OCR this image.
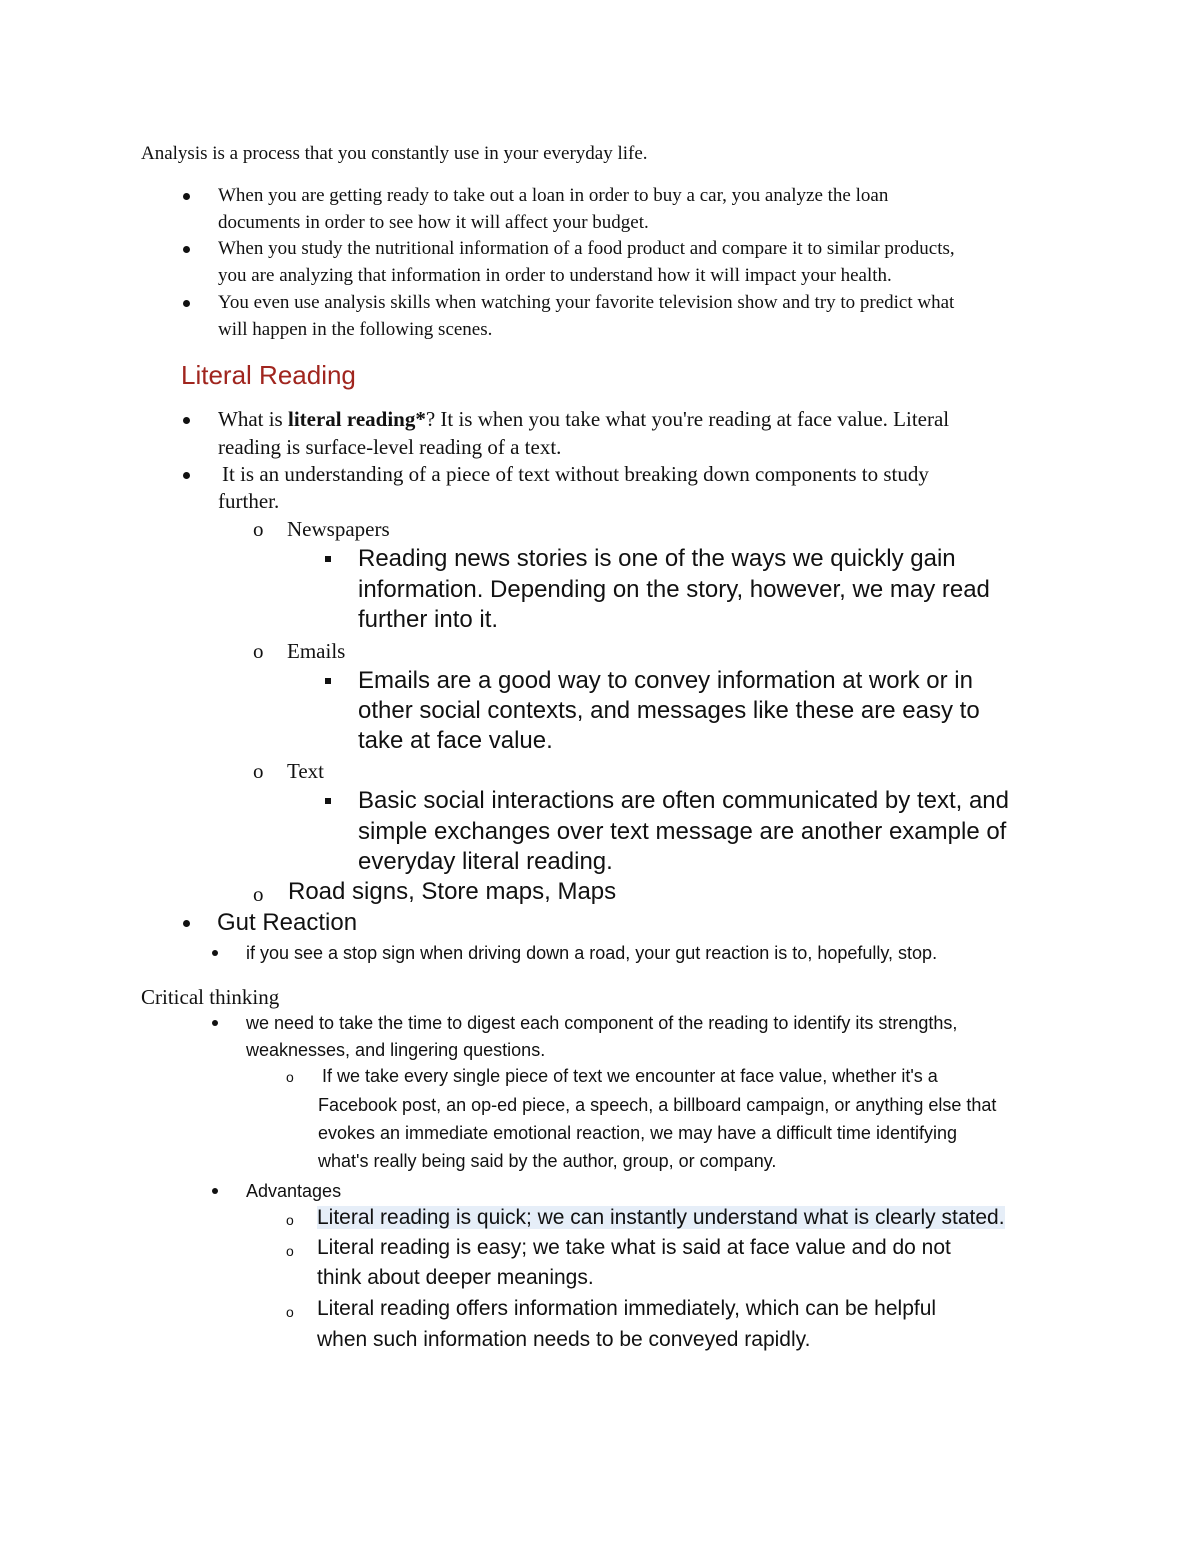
Analysis is a process that you constantly use in your everyday life.
When you are getting ready to take out a loan in order to buy a car, you analyze the loan
documents in order to see how it will affect your budget.
When you study the nutritional information of a food product and compare it to similar products,
you are analyzing that information in order to understand how it will impact your health.
You even use analysis skills when watching your favorite television show and try to predict what
will happen in the following scenes.
Literal Reading
What is literal reading*? It is when you take what you're reading at face value. Literal
reading is surface-level reading of a text.
It is an understanding of a piece of text without breaking down components to study
further.
o Newspapers
Reading news stories is one of the ways we quickly gain
information. Depending on the story, however, we may read
further into it.
o Emails
Emails are a good way to convey information at work or in
other social contexts, and messages like these are easy to
take at face value.
o Text
Basic social interactions are often communicated by text, and
simple exchanges over text message are another example of
everyday literal reading.
o Road signs, Store maps, Maps
Gut Reaction
if you see a stop sign when driving down a road, your gut reaction is to, hopefully, stop.
Critical thinking
we need to take the time to digest each component of the reading to identify its strengths,
weaknesses, and lingering questions.
o If we take every single piece of text we encounter at face value, whether it's a
Facebook post, an op-ed piece, a speech, a billboard campaign, or anything else that
evokes an immediate emotional reaction, we may have a difficult time identifying
what's really being said by the author, group, or company.
Advantages
o Literal reading is quick; we can instantly understand what is clearly stated.
o Literal reading is easy; we take what is said at face value and do not
think about deeper meanings.
o Literal reading offers information immediately, which can be helpful
when such information needs to be conveyed rapidly.
